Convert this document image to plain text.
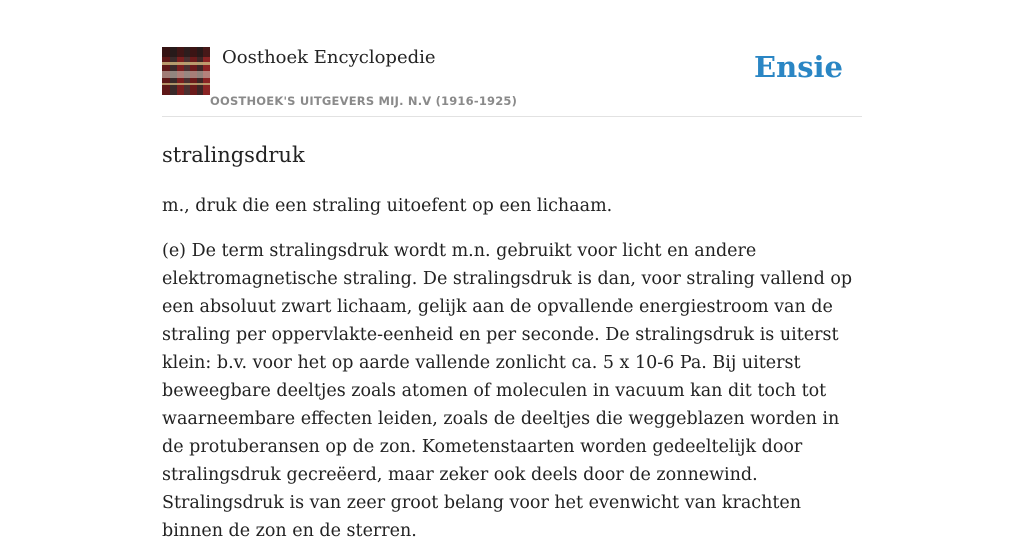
Oosthoek Encyclopedie
OOSTHOEK'S UITGEVERS MIJ. N.V (1916-1925)
Ensie
stralingsdruk

m., druk die een straling uitoefent op een lichaam.

(e) De term stralingsdruk wordt m.n. gebruikt voor licht en andere elektromagnetische straling. De stralingsdruk is dan, voor straling vallend op een absoluut zwart lichaam, gelijk aan de opvallende energiestroom van de straling per oppervlakte-eenheid en per seconde. De stralingsdruk is uiterst klein: b.v. voor het op aarde vallende zonlicht ca. 5 x 10-6 Pa. Bij uiterst beweegbare deeltjes zoals atomen of moleculen in vacuum kan dit toch tot waarneembare effecten leiden, zoals de deeltjes die weggeblazen worden in de protuberansen op de zon. Kometenstaarten worden gedeeltelijk door stralingsdruk gecreëerd, maar zeker ook deels door de zonnewind. Stralingsdruk is van zeer groot belang voor het evenwicht van krachten binnen de zon en de sterren.
